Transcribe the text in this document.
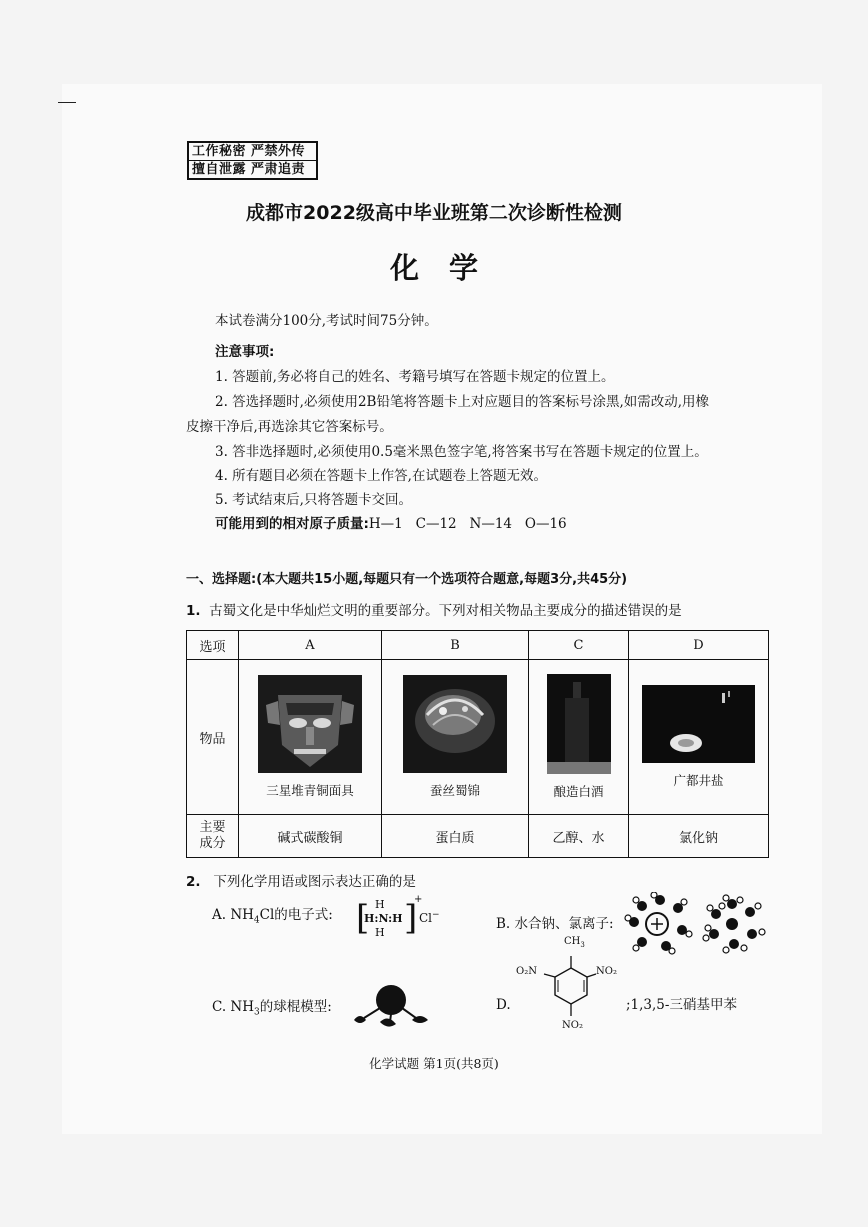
工作秘密 严禁外传
擅自泄露 严肃追责
成都市2022级高中毕业班第二次诊断性检测
化学
本试卷满分100分,考试时间75分钟。
注意事项:
1. 答题前,务必将自己的姓名、考籍号填写在答题卡规定的位置上。
2. 答选择题时,必须使用2B铅笔将答题卡上对应题目的答案标号涂黑,如需改动,用橡
皮擦干净后,再选涂其它答案标号。
3. 答非选择题时,必须使用0.5毫米黑色签字笔,将答案书写在答题卡规定的位置上。
4. 所有题目必须在答题卡上作答,在试题卷上答题无效。
5. 考试结束后,只将答题卡交回。
可能用到的相对原子质量:H—1   C—12   N—14   O—16
一、选择题:(本大题共15小题,每题只有一个选项符合题意,每题3分,共45分)
1. 古蜀文化是中华灿烂文明的重要部分。下列对相关物品主要成分的描述错误的是
选项	A	B	C	D
物品	三星堆青铜面具	蚕丝蜀锦	酿造白酒	广都井盐

主要成分	碱式碳酸铜	蛋白质	乙醇、水	氯化钠
2. 下列化学用语或图示表达正确的是
A. $NH_4Cl$的电子式: [ H
H:N:H
H ]
+
Cl−
B. 水合钠、氯离子:
C. $NH_3$的球棍模型:	D.
$CH_3$
O₂N	NO₂
NO₂
;1,3,5-三硝基甲苯
化学试题 第1页(共8页)
